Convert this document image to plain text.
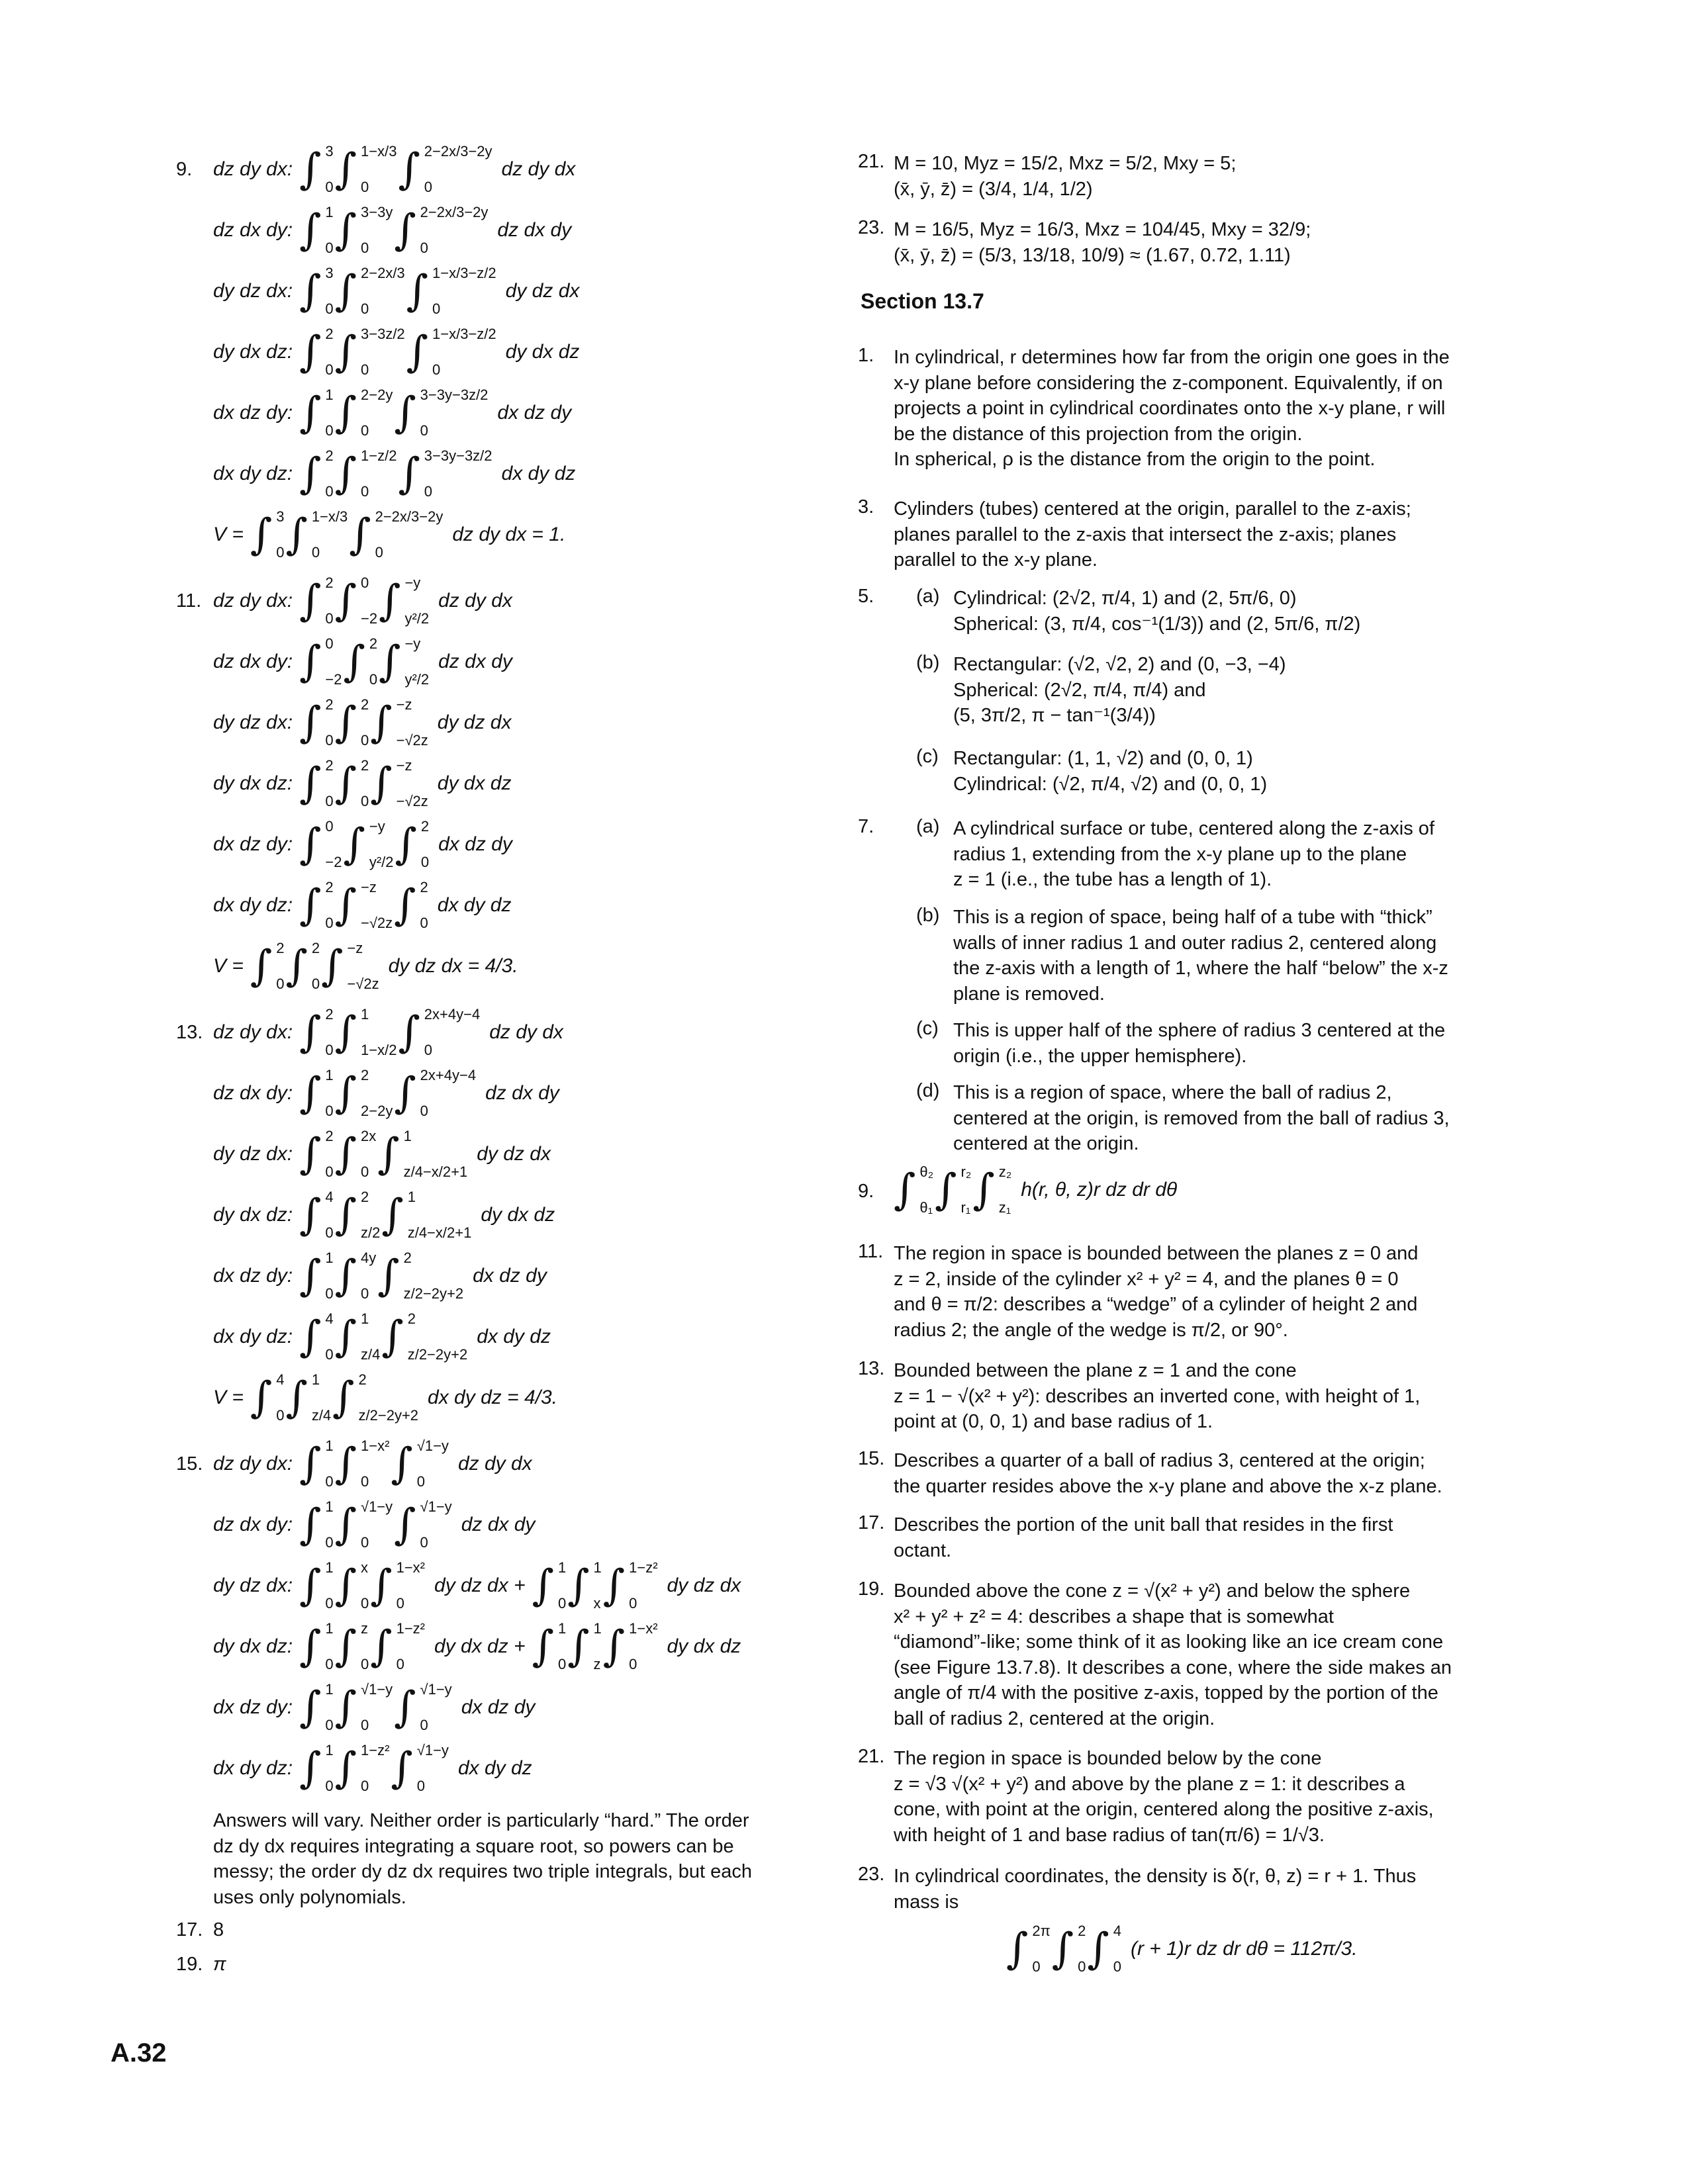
9. dz dy dx: ∫ 3
0 ∫ 1−x/3
0 ∫ 2−2x/3−2y
0
dz dy dx
dz dx dy: ∫ 1
0 ∫ 3−3y
0 ∫ 2−2x/3−2y
0
dz dx dy
dy dz dx: ∫ 3
0 ∫ 2−2x/3
0 ∫ 1−x/3−z/2
0
dy dz dx
dy dx dz: ∫ 2
0 ∫ 3−3z/2
0 ∫ 1−x/3−z/2
0
dy dx dz
dx dz dy: ∫ 1
0 ∫ 2−2y
0 ∫ 3−3y−3z/2
0
dx dz dy
dx dy dz: ∫ 2
0 ∫ 1−z/2
0 ∫ 3−3y−3z/2
0
dx dy dz
V = ∫ 3
0 ∫ 1−x/3
0 ∫ 2−2x/3−2y
0
dz dy dx = 1.
11. dz dy dx: ∫ 2
0 ∫ 0
−2 ∫ −y
y²/2
dz dy dx
dz dx dy: ∫ 0
−2 ∫ 2
0 ∫ −y
y²/2
dz dx dy
dy dz dx: ∫ 2
0 ∫ 2
0 ∫ −z
−√2z
dy dz dx
dy dx dz: ∫ 2
0 ∫ 2
0 ∫ −z
−√2z
dy dx dz
dx dz dy: ∫ 0
−2 ∫ −y
y²/2 ∫ 2
0
dx dz dy
dx dy dz: ∫ 2
0 ∫ −z
−√2z ∫ 2
0
dx dy dz
V = ∫ 2
0 ∫ 2
0 ∫ −z
−√2z
dy dz dx = 4/3.
13. dz dy dx: ∫ 2
0 ∫ 1
1−x/2 ∫ 2x+4y−4
0
dz dy dx
dz dx dy: ∫ 1
0 ∫ 2
2−2y ∫ 2x+4y−4
0
dz dx dy
dy dz dx: ∫ 2
0 ∫ 2x
0 ∫ 1
z/4−x/2+1
dy dz dx
dy dx dz: ∫ 4
0 ∫ 2
z/2 ∫ 1
z/4−x/2+1
dy dx dz
dx dz dy: ∫ 1
0 ∫ 4y
0 ∫ 2
z/2−2y+2
dx dz dy
dx dy dz: ∫ 4
0 ∫ 1
z/4 ∫ 2
z/2−2y+2
dx dy dz
V = ∫ 4
0 ∫ 1
z/4 ∫ 2
z/2−2y+2
dx dy dz = 4/3.
15. dz dy dx: ∫ 1
0 ∫ 1−x²
0 ∫ √1−y
0
dz dy dx
dz dx dy: ∫ 1
0 ∫ √1−y
0 ∫ √1−y
0
dz dx dy
dy dz dx: ∫ 1
0 ∫ x
0 ∫ 1−x²
0
dy dz dx + ∫ 1
0 ∫ 1
x ∫ 1−z²
0
dy dz dx
dy dx dz: ∫ 1
0 ∫ z
0 ∫ 1−z²
0
dy dx dz + ∫ 1
0 ∫ 1
z ∫ 1−x²
0
dy dx dz
dx dz dy: ∫ 1
0 ∫ √1−y
0 ∫ √1−y
0
dx dz dy
dx dy dz: ∫ 1
0 ∫ 1−z²
0 ∫ √1−y
0
dx dy dz
Answers will vary. Neither order is particularly “hard.” The order
dz dy dx requires integrating a square root, so powers can be
messy; the order dy dz dx requires two triple integrals, but each
uses only polynomials.
17. 8
19. π
21. M = 10, Myz = 15/2, Mxz = 5/2, Mxy = 5;
(x̄, ȳ, z̄) = (3/4, 1/4, 1/2)
23. M = 16/5, Myz = 16/3, Mxz = 104/45, Mxy = 32/9;
(x̄, ȳ, z̄) = (5/3, 13/18, 10/9) ≈ (1.67, 0.72, 1.11)
Section 13.7
1. In cylindrical, r determines how far from the origin one goes in the
x-y plane before considering the z-component. Equivalently, if on
projects a point in cylindrical coordinates onto the x-y plane, r will
be the distance of this projection from the origin.
In spherical, ρ is the distance from the origin to the point.
3. Cylinders (tubes) centered at the origin, parallel to the z-axis;
planes parallel to the z-axis that intersect the z-axis; planes
parallel to the x-y plane.
5. (a) Cylindrical: (2√2, π/4, 1) and (2, 5π/6, 0)
Spherical: (3, π/4, cos⁻¹(1/3)) and (2, 5π/6, π/2)
(b) Rectangular: (√2, √2, 2) and (0, −3, −4)
Spherical: (2√2, π/4, π/4) and
(5, 3π/2, π − tan⁻¹(3/4))
(c) Rectangular: (1, 1, √2) and (0, 0, 1)
Cylindrical: (√2, π/4, √2) and (0, 0, 1)
7. (a) A cylindrical surface or tube, centered along the z-axis of
radius 1, extending from the x-y plane up to the plane
z = 1 (i.e., the tube has a length of 1).
(b) This is a region of space, being half of a tube with “thick”
walls of inner radius 1 and outer radius 2, centered along
the z-axis with a length of 1, where the half “below” the x-z
plane is removed.
(c) This is upper half of the sphere of radius 3 centered at the
origin (i.e., the upper hemisphere).
(d) This is a region of space, where the ball of radius 2,
centered at the origin, is removed from the ball of radius 3,
centered at the origin.
9. ∫ θ₂
θ₁ ∫ r₂
r₁ ∫ z₂
z₁
h(r, θ, z)r dz dr dθ
11. The region in space is bounded between the planes z = 0 and
z = 2, inside of the cylinder x² + y² = 4, and the planes θ = 0
and θ = π/2: describes a “wedge” of a cylinder of height 2 and
radius 2; the angle of the wedge is π/2, or 90°.
13. Bounded between the plane z = 1 and the cone
z = 1 − √(x² + y²): describes an inverted cone, with height of 1,
point at (0, 0, 1) and base radius of 1.
15. Describes a quarter of a ball of radius 3, centered at the origin;
the quarter resides above the x-y plane and above the x-z plane.
17. Describes the portion of the unit ball that resides in the first
octant.
19. Bounded above the cone z = √(x² + y²) and below the sphere
x² + y² + z² = 4: describes a shape that is somewhat
“diamond”-like; some think of it as looking like an ice cream cone
(see Figure 13.7.8). It describes a cone, where the side makes an
angle of π/4 with the positive z-axis, topped by the portion of the
ball of radius 2, centered at the origin.
21. The region in space is bounded below by the cone
z = √3 √(x² + y²) and above by the plane z = 1: it describes a
cone, with point at the origin, centered along the positive z-axis,
with height of 1 and base radius of tan(π/6) = 1/√3.
23. In cylindrical coordinates, the density is δ(r, θ, z) = r + 1. Thus
mass is
∫ 2π
0 ∫ 2
0 ∫ 4
0
(r + 1)r dz dr dθ = 112π/3.
A.32
